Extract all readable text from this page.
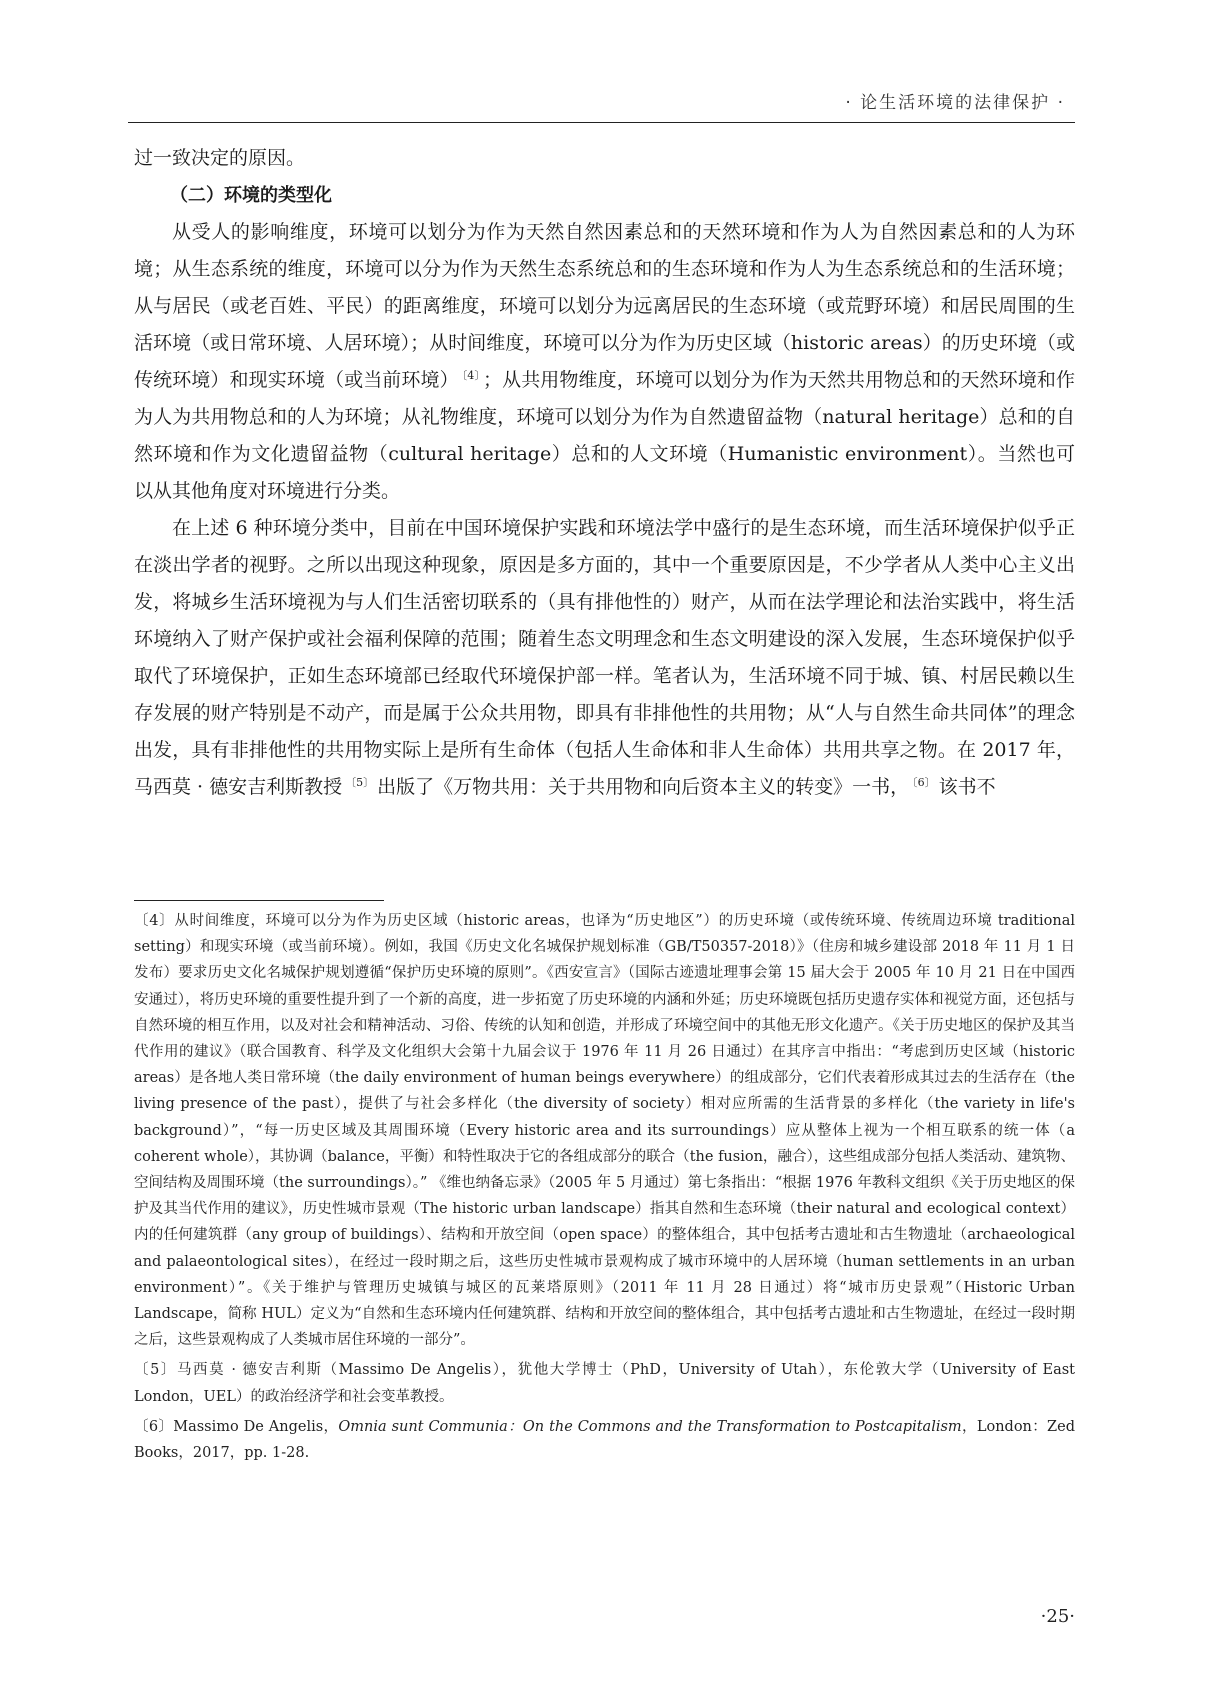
· 论生活环境的法律保护 ·

过一致决定的原因。

（二）环境的类型化

从受人的影响维度，环境可以划分为作为天然自然因素总和的天然环境和作为人为自然因素总和的人为环境；从生态系统的维度，环境可以分为作为天然生态系统总和的生态环境和作为人为生态系统总和的生活环境；从与居民（或老百姓、平民）的距离维度，环境可以划分为远离居民的生态环境（或荒野环境）和居民周围的生活环境（或日常环境、人居环境）；从时间维度，环境可以分为作为历史区域（historic areas）的历史环境（或传统环境）和现实环境（或当前环境） $^{〔4〕}$ ；从共用物维度，环境可以划分为作为天然共用物总和的天然环境和作为人为共用物总和的人为环境；从礼物维度，环境可以划分为作为自然遗留益物（natural heritage）总和的自然环境和作为文化遗留益物（cultural heritage）总和的人文环境（Humanistic environment）。当然也可以从其他角度对环境进行分类。

在上述 6 种环境分类中，目前在中国环境保护实践和环境法学中盛行的是生态环境，而生活环境保护似乎正在淡出学者的视野。之所以出现这种现象，原因是多方面的，其中一个重要原因是，不少学者从人类中心主义出发，将城乡生活环境视为与人们生活密切联系的（具有排他性的）财产，从而在法学理论和法治实践中，将生活环境纳入了财产保护或社会福利保障的范围；随着生态文明理念和生态文明建设的深入发展，生态环境保护似乎取代了环境保护，正如生态环境部已经取代环境保护部一样。笔者认为，生活环境不同于城、镇、村居民赖以生存发展的财产特别是不动产，而是属于公众共用物，即具有非排他性的共用物；从“人与自然生命共同体”的理念出发，具有非排他性的共用物实际上是所有生命体（包括人生命体和非人生命体）共用共享之物。在 2017 年，马西莫 · 德安吉利斯教授 $^{〔5〕}$ 出版了《万物共用：关于共用物和向后资本主义的转变》一书， $^{〔6〕}$ 该书不

〔4〕从时间维度，环境可以分为作为历史区域（historic areas，也译为“历史地区”）的历史环境（或传统环境、传统周边环境 traditional setting）和现实环境（或当前环境）。例如，我国《历史文化名城保护规划标准（GB/T50357-2018）》（住房和城乡建设部 2018 年 11 月 1 日发布）要求历史文化名城保护规划遵循“保护历史环境的原则”。《西安宣言》（国际古迹遗址理事会第 15 届大会于 2005 年 10 月 21 日在中国西安通过），将历史环境的重要性提升到了一个新的高度，进一步拓宽了历史环境的内涵和外延；历史环境既包括历史遗存实体和视觉方面，还包括与自然环境的相互作用，以及对社会和精神活动、习俗、传统的认知和创造，并形成了环境空间中的其他无形文化遗产。《关于历史地区的保护及其当代作用的建议》（联合国教育、科学及文化组织大会第十九届会议于 1976 年 11 月 26 日通过）在其序言中指出：“考虑到历史区域（historic areas）是各地人类日常环境（the daily environment of human beings everywhere）的组成部分，它们代表着形成其过去的生活存在（the living presence of the past），提供了与社会多样化（the diversity of society）相对应所需的生活背景的多样化（the variety in life's background）”，“每一历史区域及其周围环境（Every historic area and its surroundings）应从整体上视为一个相互联系的统一体（a coherent whole），其协调（balance，平衡）和特性取决于它的各组成部分的联合（the fusion，融合），这些组成部分包括人类活动、建筑物、空间结构及周围环境（the surroundings）。” 《维也纳备忘录》（2005 年 5 月通过）第七条指出：“根据 1976 年教科文组织《关于历史地区的保护及其当代作用的建议》，历史性城市景观（The historic urban landscape）指其自然和生态环境（their natural and ecological context）内的任何建筑群（any group of buildings）、结构和开放空间（open space）的整体组合，其中包括考古遗址和古生物遗址（archaeological and palaeontological sites），在经过一段时期之后，这些历史性城市景观构成了城市环境中的人居环境（human settlements in an urban environment）”。《关于维护与管理历史城镇与城区的瓦莱塔原则》（2011 年 11 月 28 日通过）将“城市历史景观”（Historic Urban Landscape，简称 HUL）定义为“自然和生态环境内任何建筑群、结构和开放空间的整体组合，其中包括考古遗址和古生物遗址，在经过一段时期之后，这些景观构成了人类城市居住环境的一部分”。

〔5〕马西莫 · 德安吉利斯（Massimo De Angelis），犹他大学博士（PhD，University of Utah），东伦敦大学（University of East London，UEL）的政治经济学和社会变革教授。

〔6〕Massimo De Angelis，Omnia sunt Communia：On the Commons and the Transformation to Postcapitalism，London：Zed Books，2017，pp. 1-28.

·25·
